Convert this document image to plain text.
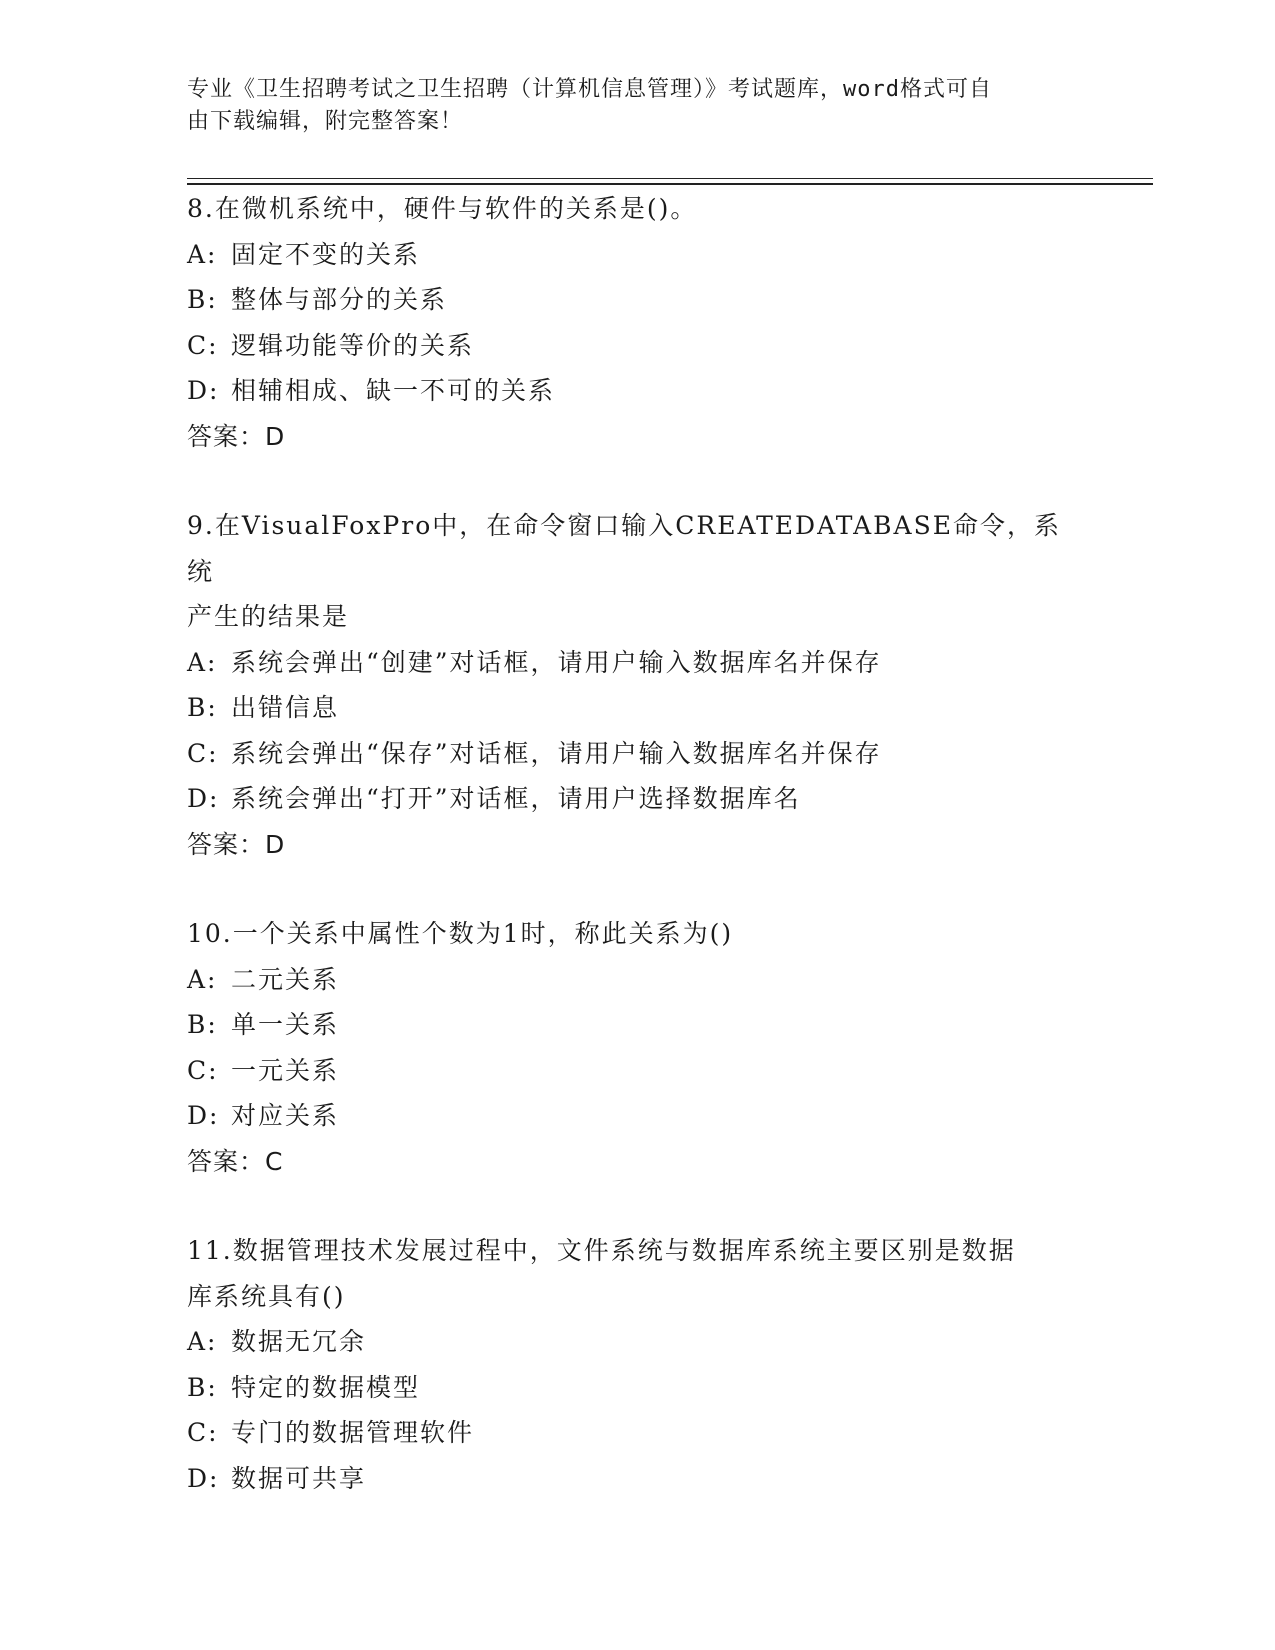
专业《卫生招聘考试之卫生招聘（计算机信息管理）》考试题库，word格式可自
由下载编辑，附完整答案！
8.在微机系统中，硬件与软件的关系是()。
A: 固定不变的关系
B: 整体与部分的关系
C: 逻辑功能等价的关系
D: 相辅相成、缺一不可的关系
答案：D
9.在VisualFoxPro中，在命令窗口输入CREATEDATABASE命令，系统
产生的结果是
A: 系统会弹出“创建”对话框，请用户输入数据库名并保存
B: 出错信息
C: 系统会弹出“保存”对话框，请用户输入数据库名并保存
D: 系统会弹出“打开”对话框，请用户选择数据库名
答案：D
10.一个关系中属性个数为1时，称此关系为()
A: 二元关系
B: 单一关系
C: 一元关系
D: 对应关系
答案：C
11.数据管理技术发展过程中，文件系统与数据库系统主要区别是数据
库系统具有()
A: 数据无冗余
B: 特定的数据模型
C: 专门的数据管理软件
D: 数据可共享
